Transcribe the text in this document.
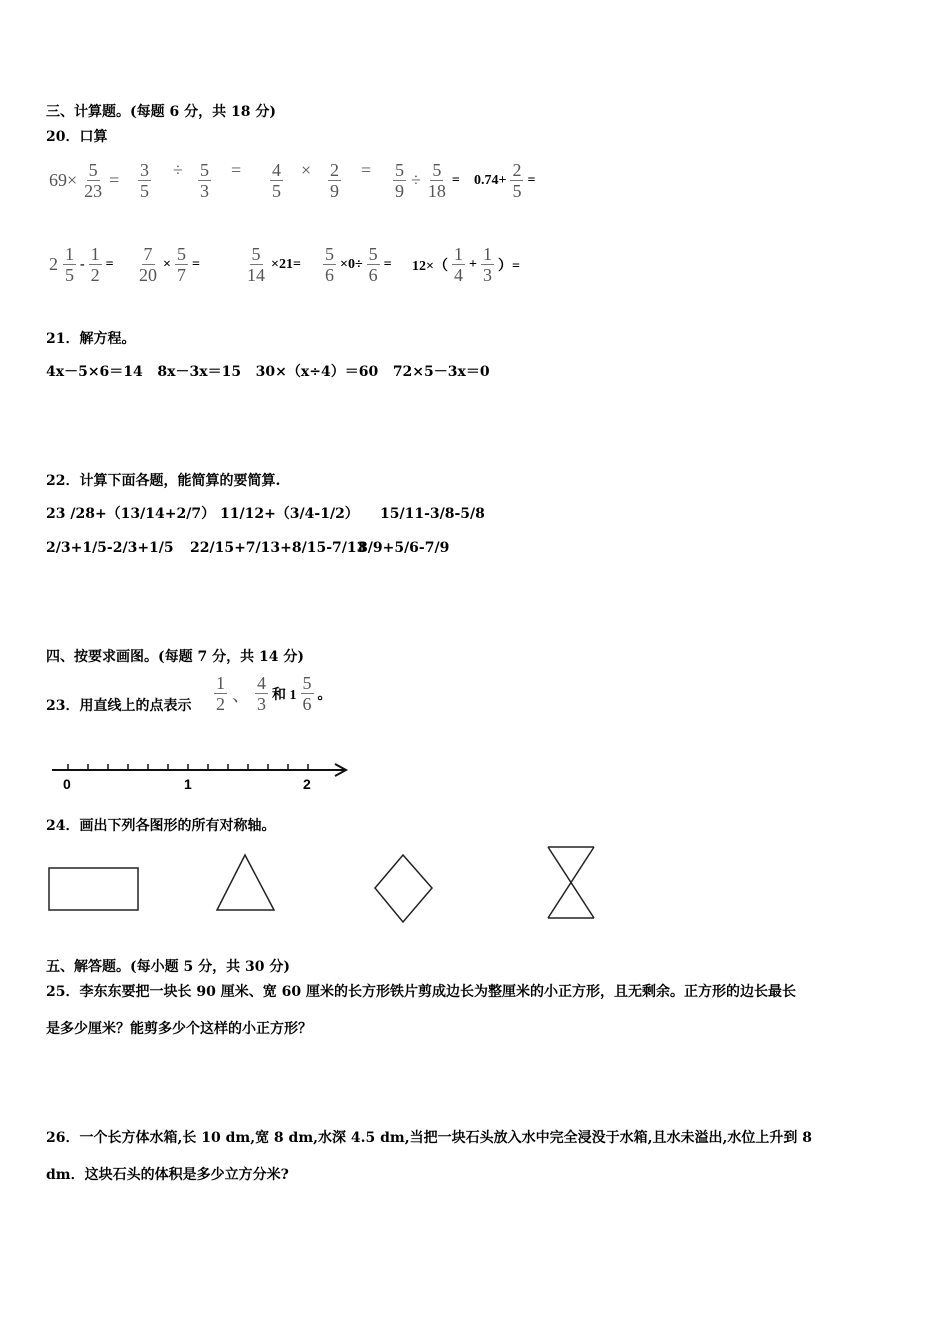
三、计算题。(每题 6 分，共 18 分)
20．口算
$69\times \frac{5}{23} = \frac{3}{5} \div \frac{5}{3} = \frac{4}{5} \times \frac{2}{9} = \frac{5}{9} \div \frac{5}{18} = 0.74+ \frac{2}{5}$ =
$2 \frac{1}{5} - \frac{1}{2} = \frac{7}{20} \times \frac{5}{7}$ =	$\frac{5}{14} \times 21= \frac{5}{6} \times 0\div \frac{5}{6} = 12\times( \frac{1}{4} + \frac{1}{3}$ ）=
21．解方程。
4x－5×6＝14   8x－3x＝15   30×（x÷4）＝60   72×5－3x＝0
22．计算下面各题，能简算的要简算.
23 /28+（13/14+2/7） 11/12+（3/4-1/2） 15/11-3/8-5/8
2/3+1/5-2/3+1/5 22/15+7/13+8/15-7/13
8/9+5/6-7/9
四、按要求画图。(每题 7 分，共 14 分)
23．用直线上的点表示 $\frac{1}{2}$ 、 $\frac{4}{3}$ 和 $1 \frac{5}{6}$ 。
0	1	2
24．画出下列各图形的所有对称轴。
五、解答题。(每小题 5 分，共 30 分)
25．李东东要把一块长 90 厘米、宽 60 厘米的长方形铁片剪成边长为整厘米的小正方形，且无剩余。正方形的边长最长
是多少厘米？能剪多少个这样的小正方形？
26．一个长方体水箱,长 10 dm,宽 8 dm,水深 4.5 dm,当把一块石头放入水中完全浸没于水箱,且水未溢出,水位上升到 8
dm．这块石头的体积是多少立方分米?
